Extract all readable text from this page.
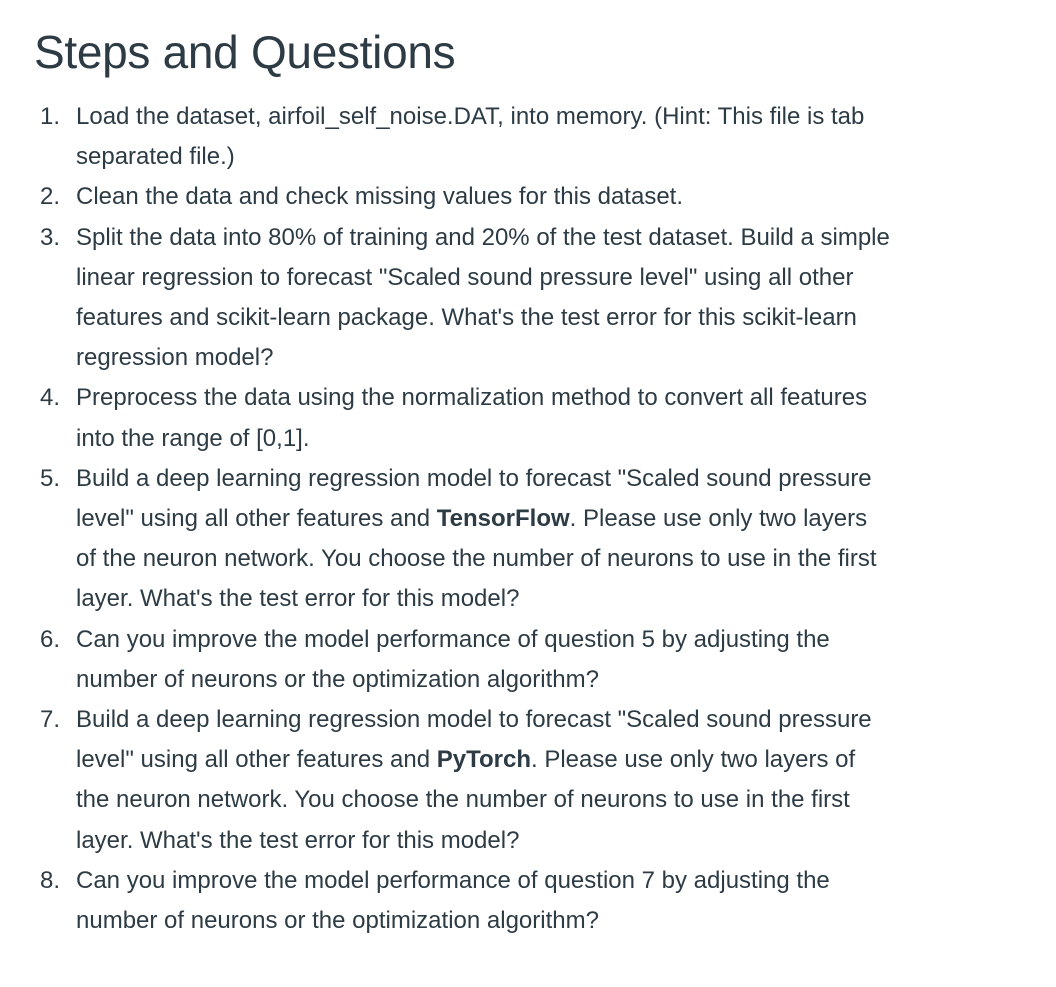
Steps and Questions
1. Load the dataset, airfoil_self_noise.DAT, into memory. (Hint: This file is tab separated file.)
2. Clean the data and check missing values for this dataset.
3. Split the data into 80% of training and 20% of the test dataset. Build a simple linear regression to forecast "Scaled sound pressure level" using all other features and scikit-learn package. What's the test error for this scikit-learn regression model?
4. Preprocess the data using the normalization method to convert all features into the range of [0,1].
5. Build a deep learning regression model to forecast "Scaled sound pressure level" using all other features and TensorFlow. Please use only two layers of the neuron network. You choose the number of neurons to use in the first layer. What's the test error for this model?
6. Can you improve the model performance of question 5 by adjusting the number of neurons or the optimization algorithm?
7. Build a deep learning regression model to forecast "Scaled sound pressure level" using all other features and PyTorch. Please use only two layers of the neuron network. You choose the number of neurons to use in the first layer. What's the test error for this model?
8. Can you improve the model performance of question 7 by adjusting the number of neurons or the optimization algorithm?
